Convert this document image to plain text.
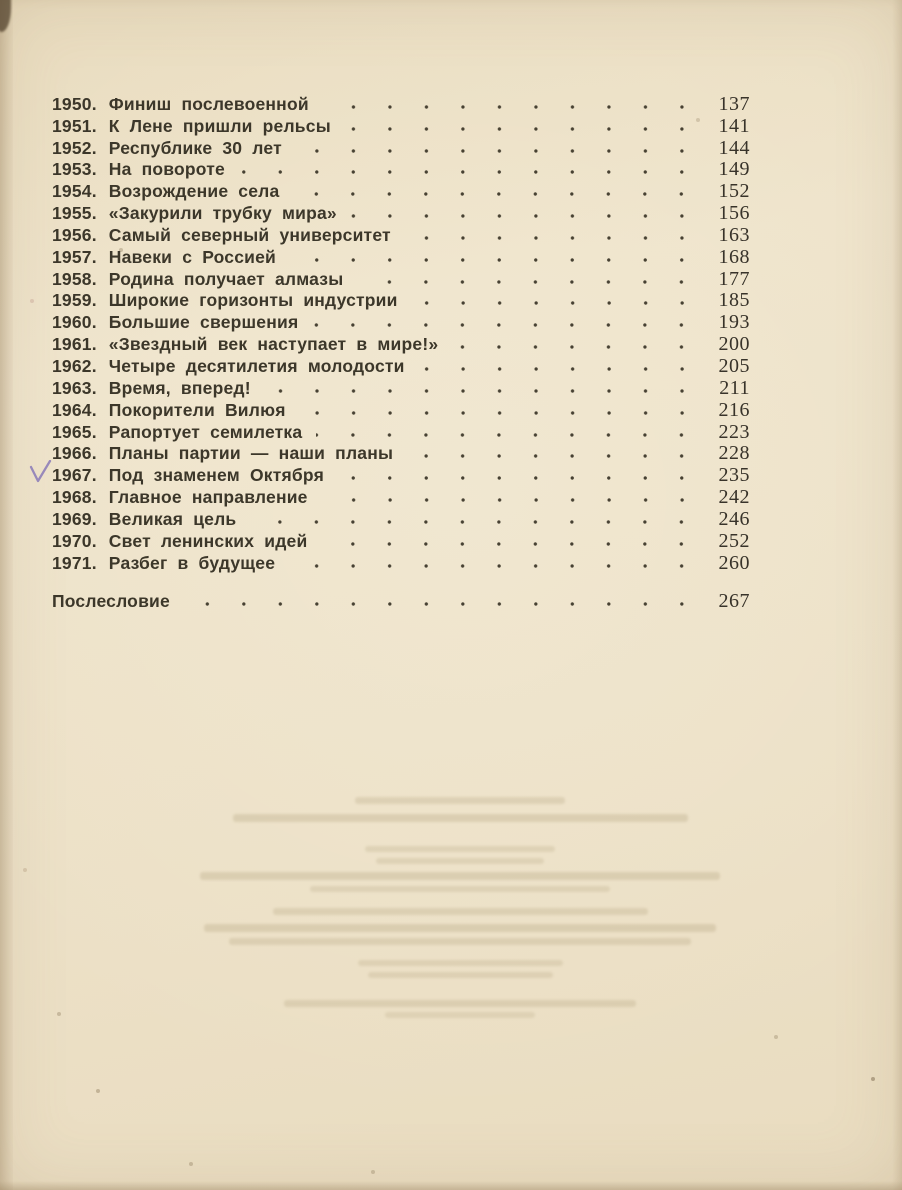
1950. Финиш послевоенной	137
1951. К Лене пришли рельсы	141
1952. Республике 30 лет	144
1953. На повороте	149
1954. Возрождение села	152
1955. «Закурили трубку мира»	156
1956. Самый северный университет	163
1957. Навеки с Россией	168
1958. Родина получает алмазы	177
1959. Широкие горизонты индустрии	185
1960. Большие свершения	193
1961. «Звездный век наступает в мире!»	200
1962. Четыре десятилетия молодости	205
1963. Время, вперед!	211
1964. Покорители Вилюя	216
1965. Рапортует семилетка	223
1966. Планы партии — наши планы	228
1967. Под знаменем Октября	235
1968. Главное направление	242
1969. Великая цель	246
1970. Свет ленинских идей	252
1971. Разбег в будущее	260
Послесловие	267
